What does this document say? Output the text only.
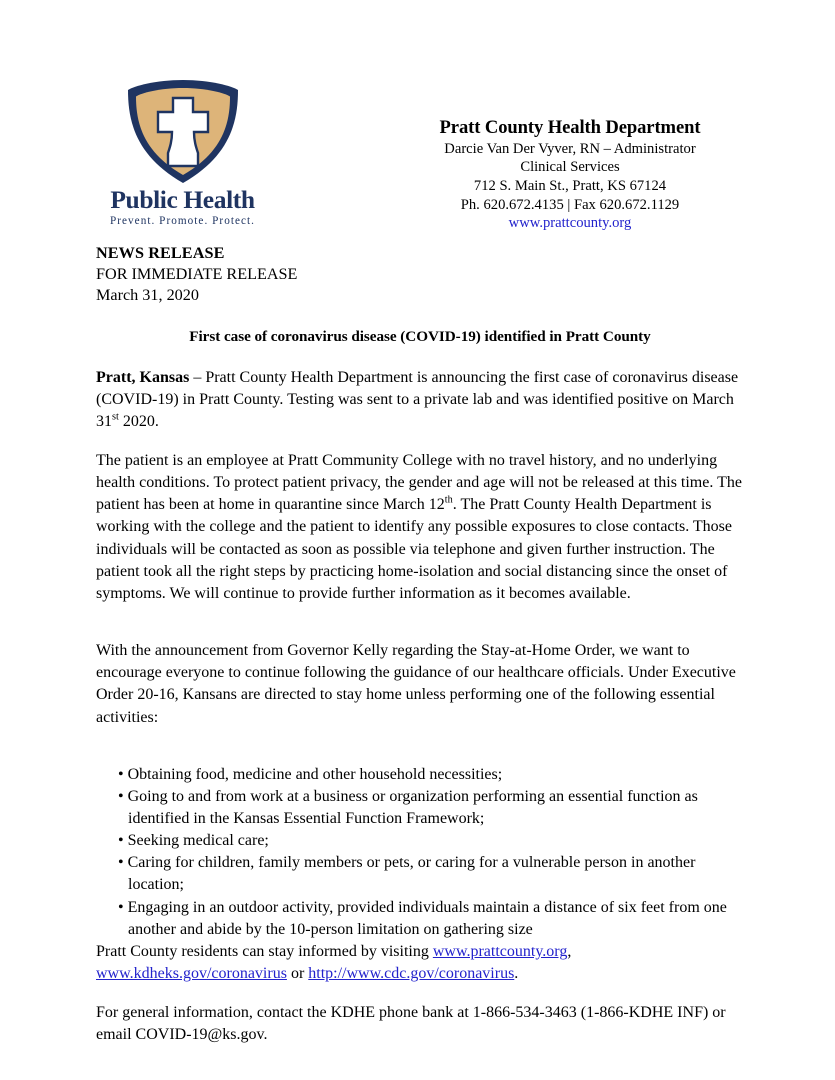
Public Health
Prevent. Promote. Protect.
Pratt County Health Department
Darcie Van Der Vyver, RN – Administrator
Clinical Services
712 S. Main St., Pratt, KS 67124
Ph. 620.672.4135 | Fax 620.672.1129
www.prattcounty.org
NEWS RELEASE
FOR IMMEDIATE RELEASE
March 31, 2020
First case of coronavirus disease (COVID-19) identified in Pratt County

Pratt, Kansas – Pratt County Health Department is announcing the first case of coronavirus disease (COVID-19) in Pratt County. Testing was sent to a private lab and was identified positive on March 31st 2020.

The patient is an employee at Pratt Community College with no travel history, and no underlying health conditions. To protect patient privacy, the gender and age will not be released at this time. The patient has been at home in quarantine since March 12th. The Pratt County Health Department is working with the college and the patient to identify any possible exposures to close contacts. Those individuals will be contacted as soon as possible via telephone and given further instruction. The patient took all the right steps by practicing home-isolation and social distancing since the onset of symptoms. We will continue to provide further information as it becomes available.

With the announcement from Governor Kelly regarding the Stay-at-Home Order, we want to encourage everyone to continue following the guidance of our healthcare officials. Under Executive Order 20-16, Kansans are directed to stay home unless performing one of the following essential activities:

• Obtaining food, medicine and other household necessities;
• Going to and from work at a business or organization performing an essential function as identified in the Kansas Essential Function Framework;
• Seeking medical care;
• Caring for children, family members or pets, or caring for a vulnerable person in another location;
• Engaging in an outdoor activity, provided individuals maintain a distance of six feet from one another and abide by the 10-person limitation on gathering size

Pratt County residents can stay informed by visiting www.prattcounty.org, www.kdheks.gov/coronavirus or http://www.cdc.gov/coronavirus.

For general information, contact the KDHE phone bank at 1-866-534-3463 (1-866-KDHE INF) or email COVID-19@ks.gov.
